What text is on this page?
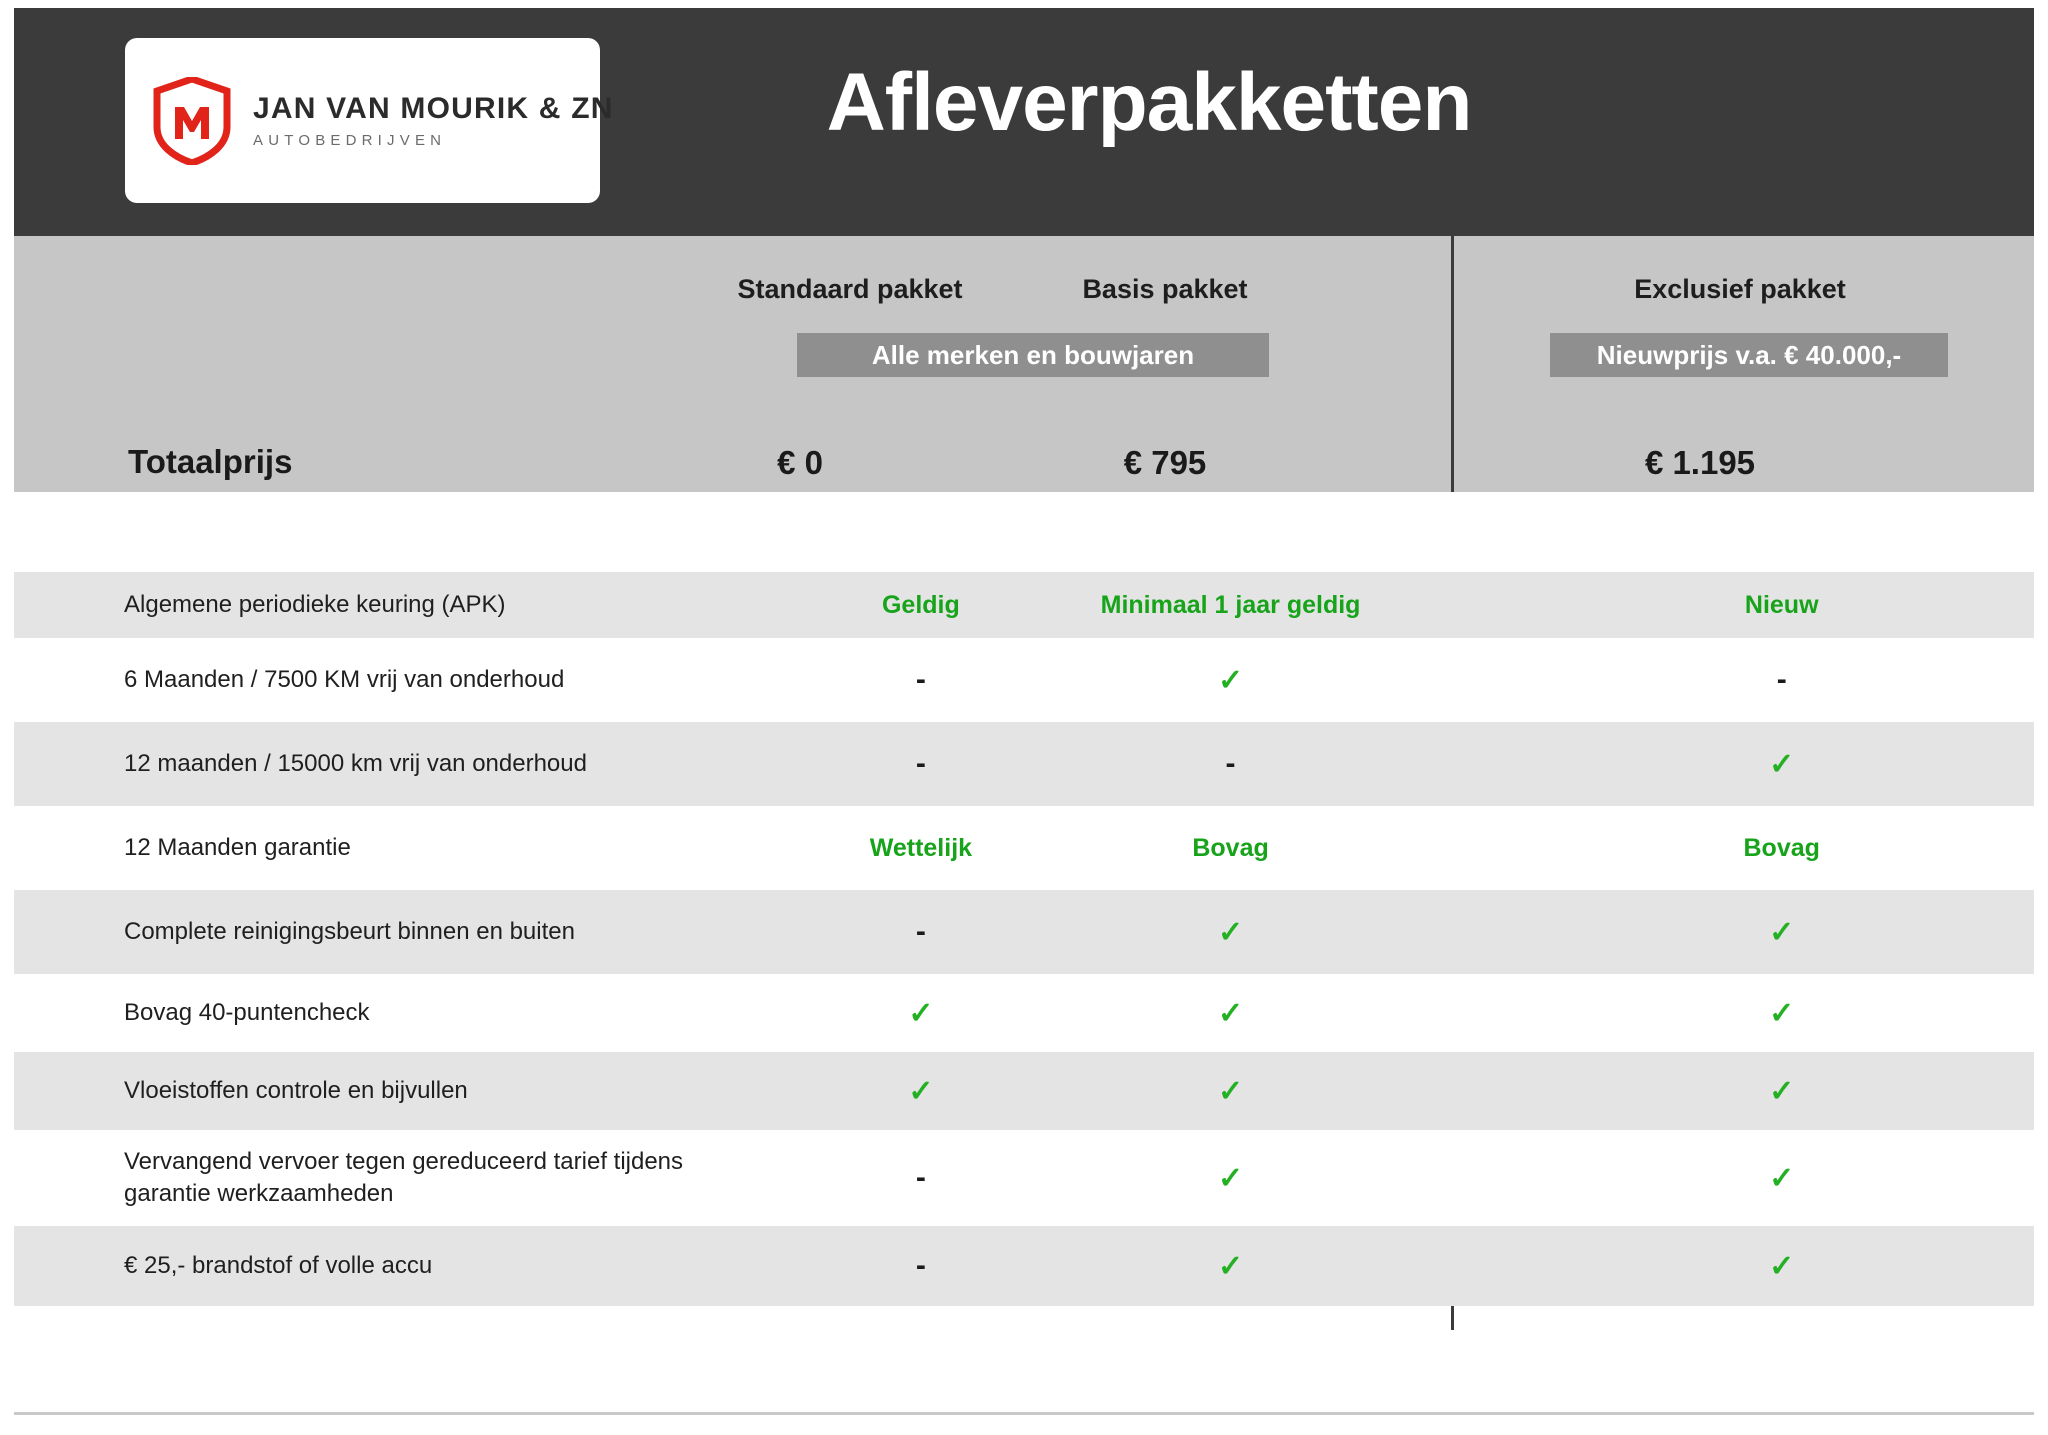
JAN VAN MOURIK & ZN
AUTOBEDRIJVEN	Afleverpakketten
Standaard pakket	Basis pakket	Exclusief pakket
Alle merken en bouwjaren	Nieuwprijs v.a. € 40.000,-
Totaalprijs	€ 0	€ 795	€ 1.195
Algemene periodieke keuring (APK)	Geldig	Minimaal 1 jaar geldig	Nieuw
6 Maanden / 7500 KM vrij van onderhoud	-	✓	-
12 maanden / 15000 km vrij van onderhoud	-	-	✓
12 Maanden garantie	Wettelijk	Bovag	Bovag
Complete reinigingsbeurt binnen en buiten	-	✓	✓
Bovag 40-puntencheck	✓	✓	✓
Vloeistoffen controle en bijvullen	✓	✓	✓
Vervangend vervoer tegen gereduceerd tarief tijdens garantie werkzaamheden	-	✓	✓
€ 25,- brandstof of volle accu	-	✓	✓
